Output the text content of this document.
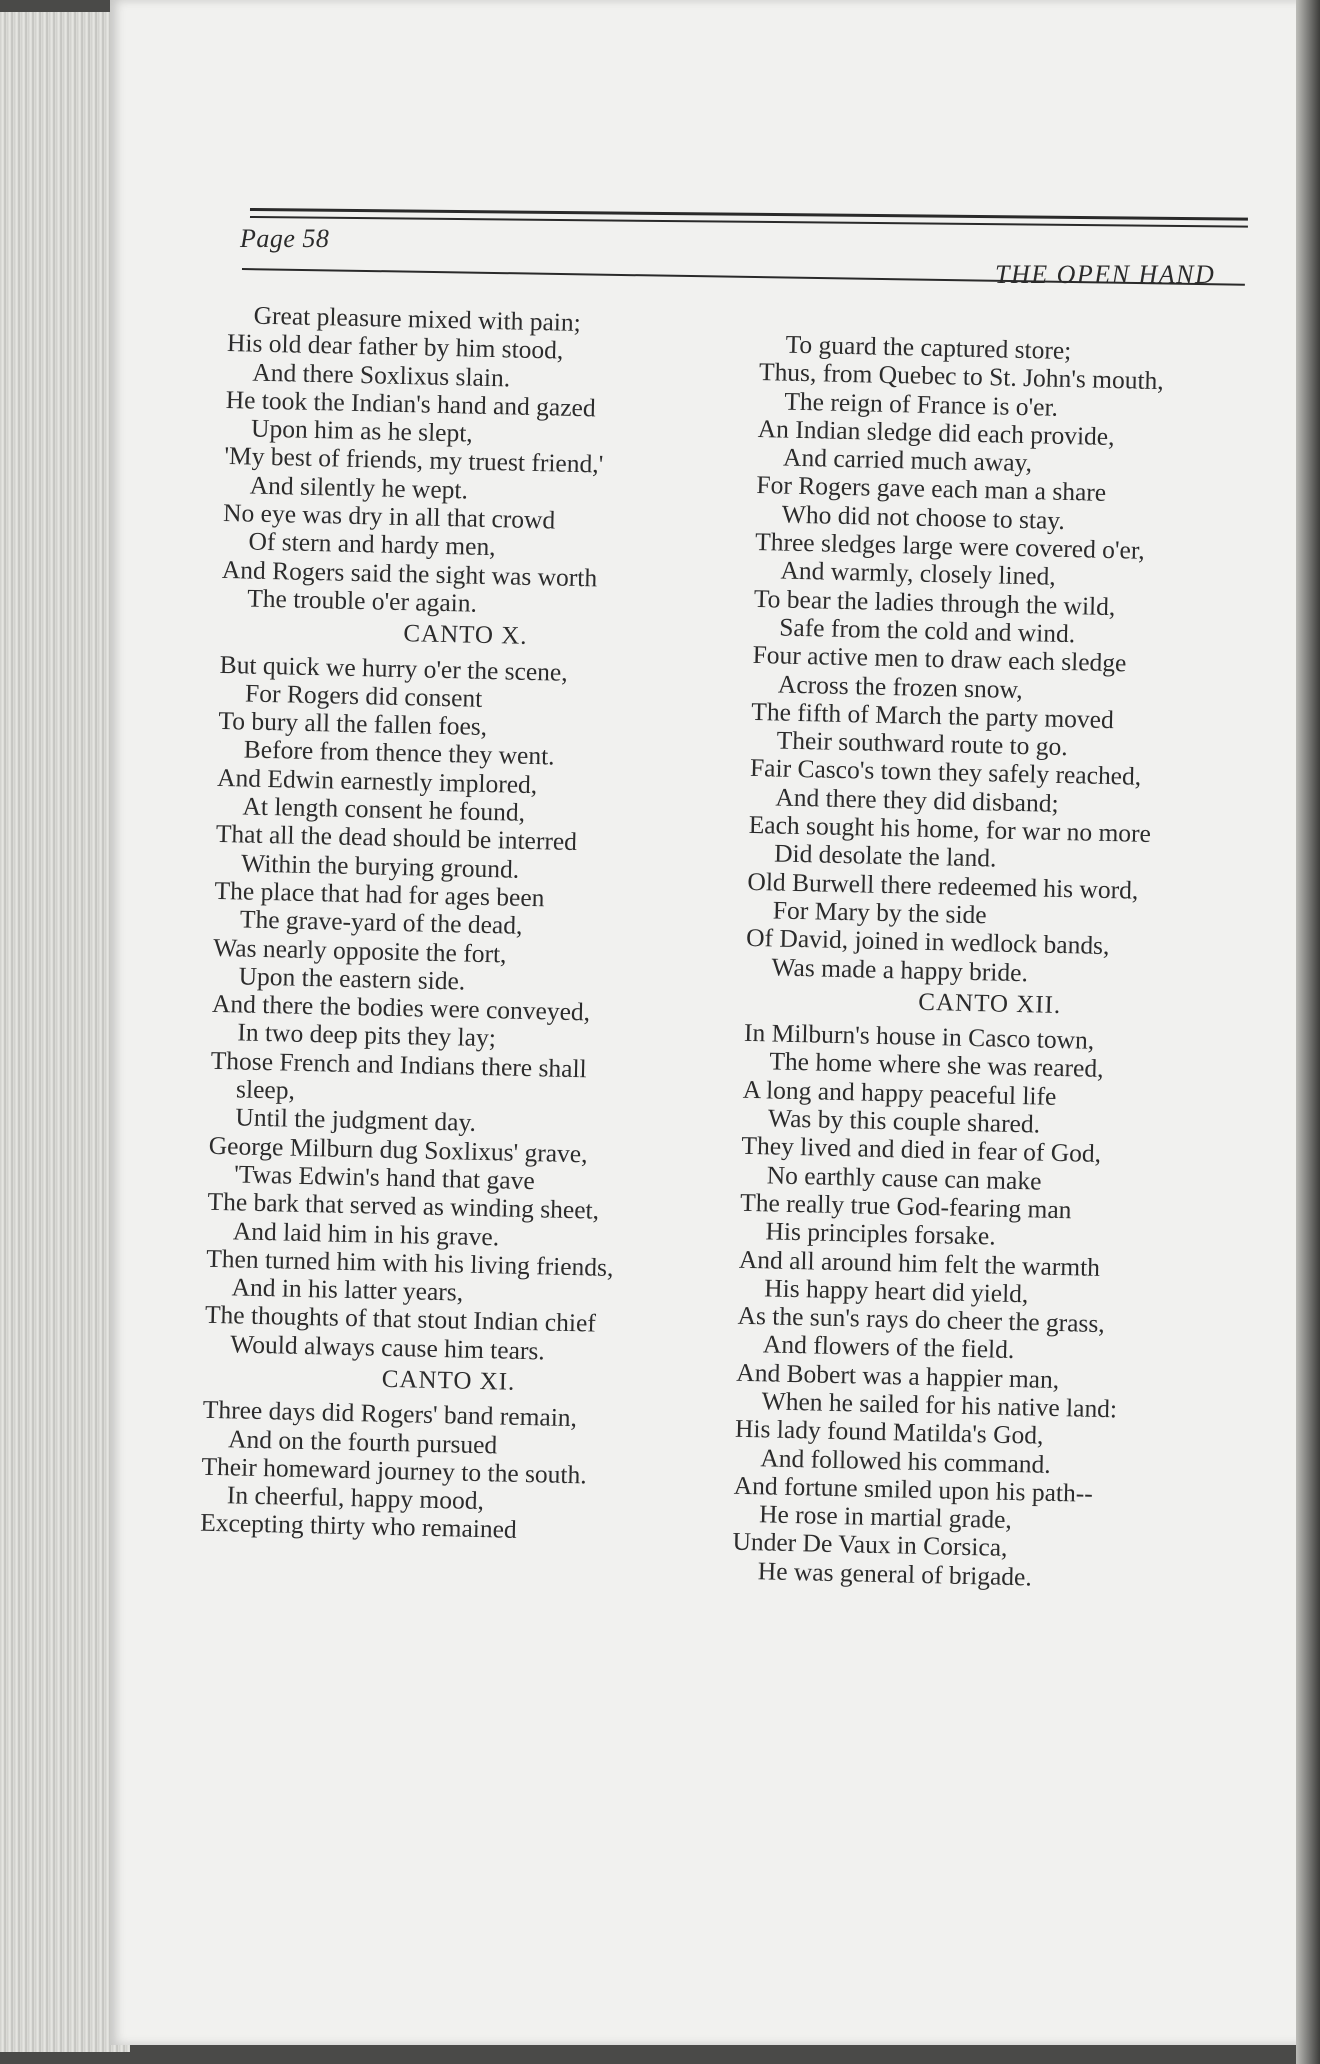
Page 58
THE OPEN HAND
Great pleasure mixed with pain;
His old dear father by him stood,
And there Soxlixus slain.
He took the Indian's hand and gazed
Upon him as he slept,
'My best of friends, my truest friend,'
And silently he wept.
No eye was dry in all that crowd
Of stern and hardy men,
And Rogers said the sight was worth
The trouble o'er again.
CANTO X.
But quick we hurry o'er the scene,
For Rogers did consent
To bury all the fallen foes,
Before from thence they went.
And Edwin earnestly implored,
At length consent he found,
That all the dead should be interred
Within the burying ground.
The place that had for ages been
The grave-yard of the dead,
Was nearly opposite the fort,
Upon the eastern side.
And there the bodies were conveyed,
In two deep pits they lay;
Those French and Indians there shall
sleep,
Until the judgment day.
George Milburn dug Soxlixus' grave,
'Twas Edwin's hand that gave
The bark that served as winding sheet,
And laid him in his grave.
Then turned him with his living friends,
And in his latter years,
The thoughts of that stout Indian chief
Would always cause him tears.
CANTO XI.
Three days did Rogers' band remain,
And on the fourth pursued
Their homeward journey to the south.
In cheerful, happy mood,
Excepting thirty who remained
To guard the captured store;
Thus, from Quebec to St. John's mouth,
The reign of France is o'er.
An Indian sledge did each provide,
And carried much away,
For Rogers gave each man a share
Who did not choose to stay.
Three sledges large were covered o'er,
And warmly, closely lined,
To bear the ladies through the wild,
Safe from the cold and wind.
Four active men to draw each sledge
Across the frozen snow,
The fifth of March the party moved
Their southward route to go.
Fair Casco's town they safely reached,
And there they did disband;
Each sought his home, for war no more
Did desolate the land.
Old Burwell there redeemed his word,
For Mary by the side
Of David, joined in wedlock bands,
Was made a happy bride.
CANTO XII.
In Milburn's house in Casco town,
The home where she was reared,
A long and happy peaceful life
Was by this couple shared.
They lived and died in fear of God,
No earthly cause can make
The really true God-fearing man
His principles forsake.
And all around him felt the warmth
His happy heart did yield,
As the sun's rays do cheer the grass,
And flowers of the field.
And Bobert was a happier man,
When he sailed for his native land:
His lady found Matilda's God,
And followed his command.
And fortune smiled upon his path--
He rose in martial grade,
Under De Vaux in Corsica,
He was general of brigade.
